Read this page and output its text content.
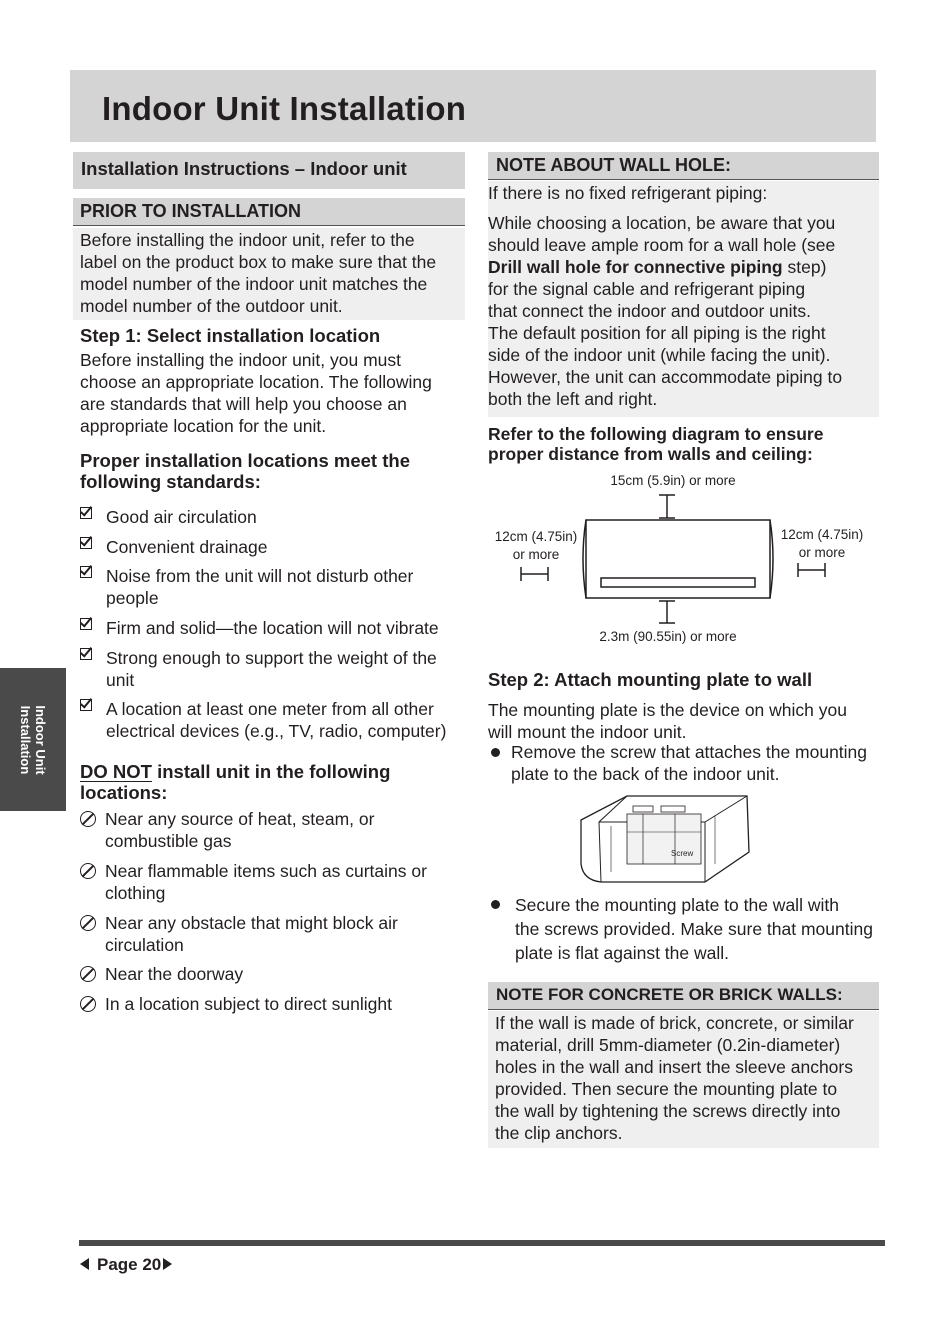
Indoor Unit Installation
Indoor Unit
Installation
Installation Instructions – Indoor unit
PRIOR TO INSTALLATION

Before installing the indoor unit, refer to the

label on the product box to make sure that the

model number of the indoor unit matches the

model number of the outdoor unit.

Step 1: Select installation location

Before installing the indoor unit, you must

choose an appropriate location. The following

are standards that will help you choose an

appropriate location for the unit.

Proper installation locations meet the

following standards:

Good air circulation

Convenient drainage

Noise from the unit will not disturb other

people

Firm and solid—the location will not vibrate

Strong enough to support the weight of the

unit

A location at least one meter from all other

electrical devices (e.g., TV, radio, computer)

DO NOT install unit in the following

locations:

Near any source of heat, steam, or

combustible gas

Near flammable items such as curtains or

clothing

Near any obstacle that might block air

circulation

Near the doorway

In a location subject to direct sunlight

NOTE ABOUT WALL HOLE:

If there is no fixed refrigerant piping:

While choosing a location, be aware that you

should leave ample room for a wall hole (see

Drill wall hole for connective piping step)

for the signal cable and refrigerant piping

that connect the indoor and outdoor units.

The default position for all piping is the right

side of the indoor unit (while facing the unit).

However, the unit can accommodate piping to

both the left and right.

Refer to the following diagram to ensure

proper distance from walls and ceiling:

15cm (5.9in) or more

12cm (4.75in)

or more

12cm (4.75in)

or more

2.3m (90.55in) or more
Step 2: Attach mounting plate to wall

The mounting plate is the device on which you

will mount the indoor unit.

Remove the screw that attaches the mounting

plate to the back of the indoor unit.

Screw

Secure the mounting plate to the wall with

the screws provided. Make sure that mounting

plate is flat against the wall.

NOTE FOR CONCRETE OR BRICK WALLS:

If the wall is made of brick, concrete, or similar

material, drill 5mm-diameter (0.2in-diameter)

holes in the wall and insert the sleeve anchors

provided. Then secure the mounting plate to

the wall by tightening the screws directly into

the clip anchors.

Page 20
